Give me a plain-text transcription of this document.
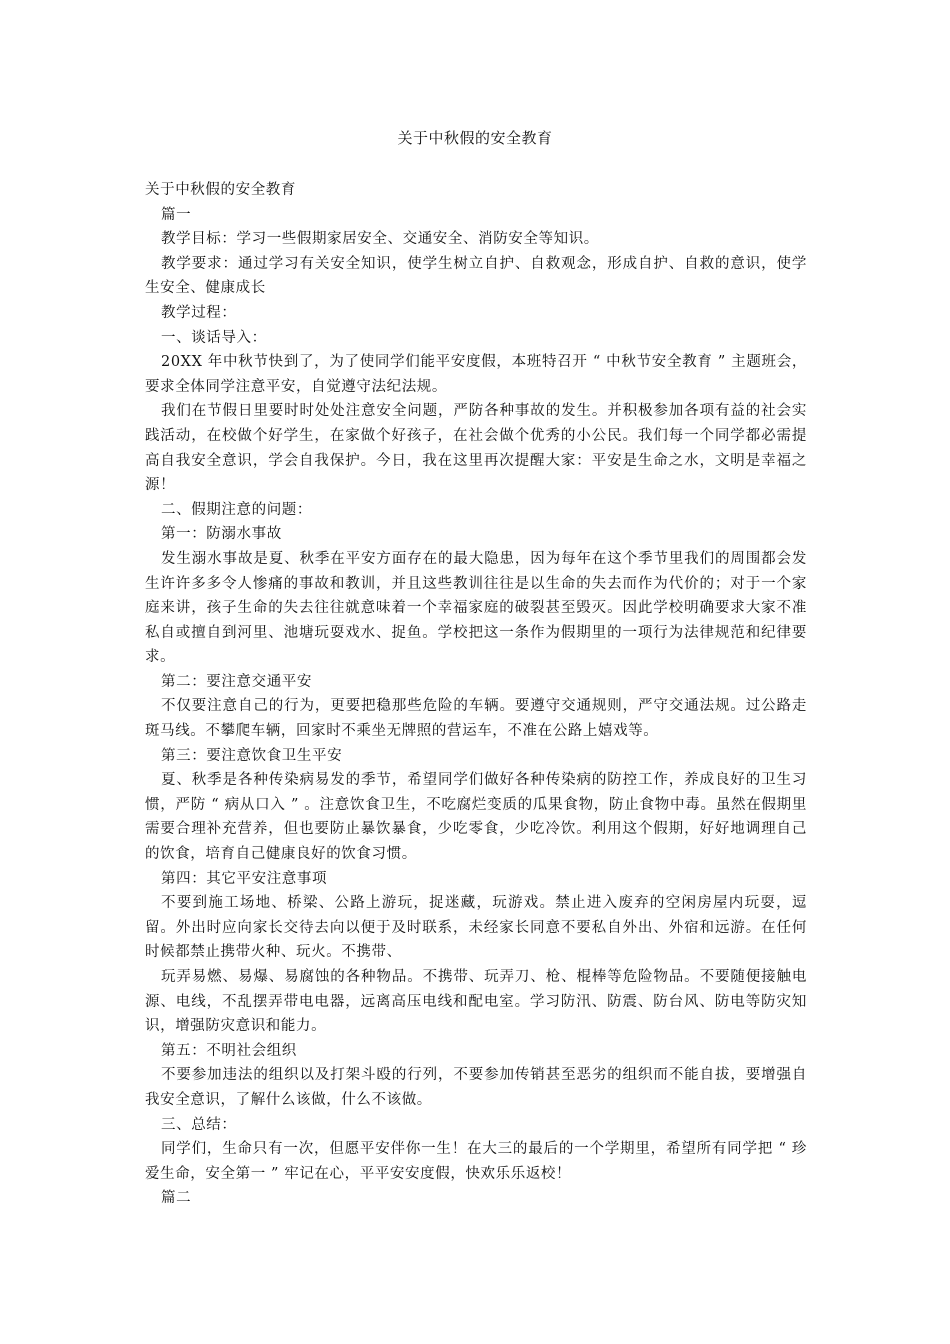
关于中秋假的安全教育

关于中秋假的安全教育

篇一

教学目标：学习一些假期家居安全、交通安全、消防安全等知识。

教学要求：通过学习有关安全知识，使学生树立自护、自救观念，形成自护、自救的意识，使学生安全、健康成长

教学过程：

一、谈话导入：

20XX 年中秋节快到了，为了使同学们能平安度假，本班特召开 “ 中秋节安全教育 ” 主题班会，要求全体同学注意平安，自觉遵守法纪法规。

我们在节假日里要时时处处注意安全问题，严防各种事故的发生。并积极参加各项有益的社会实践活动，在校做个好学生，在家做个好孩子，在社会做个优秀的小公民。我们每一个同学都必需提高自我安全意识，学会自我保护。今日，我在这里再次提醒大家：平安是生命之水，文明是幸福之源！

二、假期注意的问题：

第一：防溺水事故

发生溺水事故是夏、秋季在平安方面存在的最大隐患，因为每年在这个季节里我们的周围都会发生许许多多令人惨痛的事故和教训，并且这些教训往往是以生命的失去而作为代价的；对于一个家庭来讲，孩子生命的失去往往就意味着一个幸福家庭的破裂甚至毁灭。因此学校明确要求大家不准私自或擅自到河里、池塘玩耍戏水、捉鱼。学校把这一条作为假期里的一项行为法律规范和纪律要求。

第二：要注意交通平安

不仅要注意自己的行为，更要把稳那些危险的车辆。要遵守交通规则，严守交通法规。过公路走斑马线。不攀爬车辆，回家时不乘坐无牌照的营运车，不准在公路上嬉戏等。

第三：要注意饮食卫生平安

夏、秋季是各种传染病易发的季节，希望同学们做好各种传染病的防控工作，养成良好的卫生习惯，严防 “ 病从口入 ” 。注意饮食卫生，不吃腐烂变质的瓜果食物，防止食物中毒。虽然在假期里需要合理补充营养，但也要防止暴饮暴食，少吃零食，少吃冷饮。利用这个假期，好好地调理自己的饮食，培育自己健康良好的饮食习惯。

第四：其它平安注意事项

不要到施工场地、桥梁、公路上游玩，捉迷藏，玩游戏。禁止进入废弃的空闲房屋内玩耍，逗留。外出时应向家长交待去向以便于及时联系，未经家长同意不要私自外出、外宿和远游。在任何时候都禁止携带火种、玩火。不携带、

玩弄易燃、易爆、易腐蚀的各种物品。不携带、玩弄刀、枪、棍棒等危险物品。不要随便接触电源、电线，不乱摆弄带电电器，远离高压电线和配电室。学习防汛、防震、防台风、防电等防灾知识，增强防灾意识和能力。

第五：不明社会组织

不要参加违法的组织以及打架斗殴的行列，不要参加传销甚至恶劣的组织而不能自拔，要增强自我安全意识，了解什么该做，什么不该做。

三、总结：

同学们，生命只有一次，但愿平安伴你一生！在大三的最后的一个学期里，希望所有同学把 “ 珍爱生命，安全第一 ” 牢记在心，平平安安度假，快欢乐乐返校！

篇二
